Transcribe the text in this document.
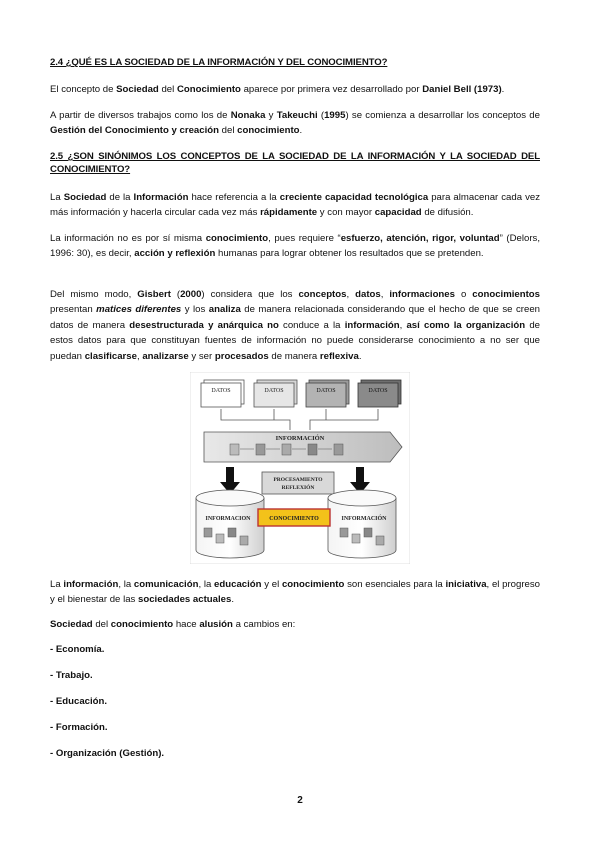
2.4 ¿QUÉ ES LA SOCIEDAD DE LA INFORMACIÓN Y DEL CONOCIMIENTO?
El concepto de Sociedad del Conocimiento aparece por primera vez desarrollado por Daniel Bell (1973).
A partir de diversos trabajos como los de Nonaka y Takeuchi (1995) se comienza a desarrollar los conceptos de Gestión del Conocimiento y creación del conocimiento.
2.5 ¿SON SINÓNIMOS LOS CONCEPTOS DE LA SOCIEDAD DE LA INFORMACIÓN Y LA SOCIEDAD DEL CONOCIMIENTO?
La Sociedad de la Información hace referencia a la creciente capacidad tecnológica para almacenar cada vez más información y hacerla circular cada vez más rápidamente y con mayor capacidad de difusión.
La información no es por sí misma conocimiento, pues requiere “esfuerzo, atención, rigor, voluntad” (Delors, 1996: 30), es decir, acción y reflexión humanas para lograr obtener los resultados que se pretenden.
Del mismo modo, Gisbert (2000) considera que los conceptos, datos, informaciones o conocimientos presentan matices diferentes y los analiza de manera relacionada considerando que el hecho de que se creen datos de manera desestructurada y anárquica no conduce a la información, así como la organización de estos datos para que constituyan fuentes de información no puede considerarse conocimiento a no ser que puedan clasificarse, analizarse y ser procesados de manera reflexiva.
DATOS	DATOS	DATOS	DATOS
INFORMACIÓN
PROCESAMIENTO
REFLEXIÓN
INFORMACION	INFORMACIÓN
CONOCIMIENTO
La información, la comunicación, la educación y el conocimiento son esenciales para la iniciativa, el progreso y el bienestar de las sociedades actuales.
Sociedad del conocimiento hace alusión a cambios en:
- Economía.
- Trabajo.
- Educación.
- Formación.
- Organización (Gestión).
2
